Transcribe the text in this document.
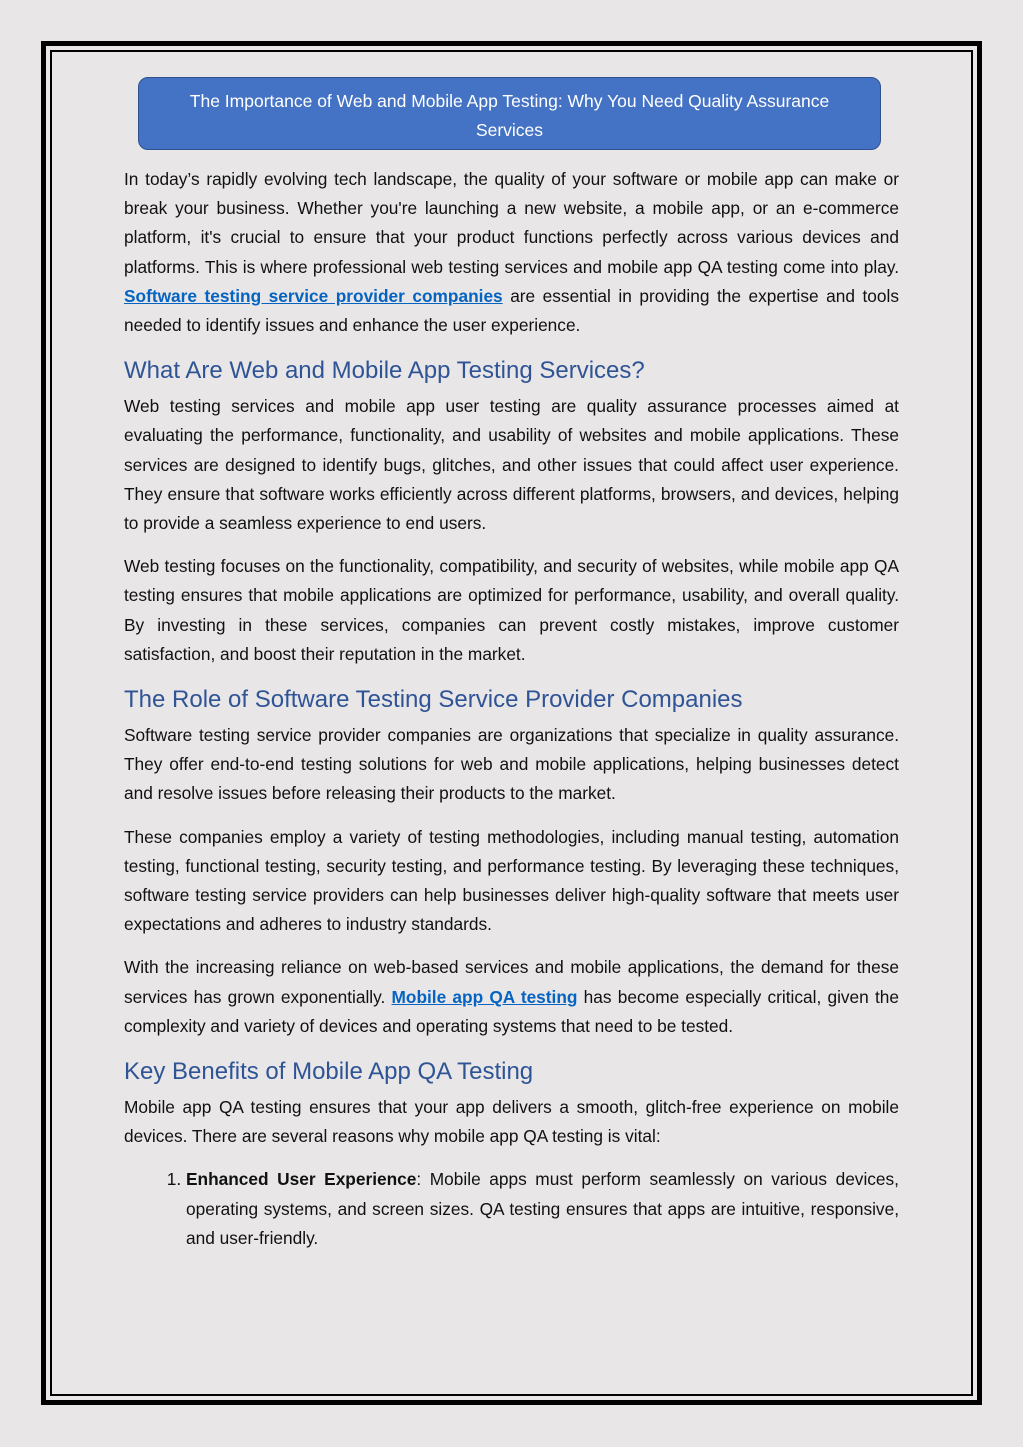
The Importance of Web and Mobile App Testing: Why You Need Quality Assurance Services

In today’s rapidly evolving tech landscape, the quality of your software or mobile app can make or break your business. Whether you're launching a new website, a mobile app, or an e-commerce platform, it's crucial to ensure that your product functions perfectly across various devices and platforms. This is where professional web testing services and mobile app QA testing come into play. Software testing service provider companies are essential in providing the expertise and tools needed to identify issues and enhance the user experience.

What Are Web and Mobile App Testing Services?

Web testing services and mobile app user testing are quality assurance processes aimed at evaluating the performance, functionality, and usability of websites and mobile applications. These services are designed to identify bugs, glitches, and other issues that could affect user experience. They ensure that software works efficiently across different platforms, browsers, and devices, helping to provide a seamless experience to end users.

Web testing focuses on the functionality, compatibility, and security of websites, while mobile app QA testing ensures that mobile applications are optimized for performance, usability, and overall quality. By investing in these services, companies can prevent costly mistakes, improve customer satisfaction, and boost their reputation in the market.

The Role of Software Testing Service Provider Companies

Software testing service provider companies are organizations that specialize in quality assurance. They offer end-to-end testing solutions for web and mobile applications, helping businesses detect and resolve issues before releasing their products to the market.

These companies employ a variety of testing methodologies, including manual testing, automation testing, functional testing, security testing, and performance testing. By leveraging these techniques, software testing service providers can help businesses deliver high-quality software that meets user expectations and adheres to industry standards.

With the increasing reliance on web-based services and mobile applications, the demand for these services has grown exponentially. Mobile app QA testing has become especially critical, given the complexity and variety of devices and operating systems that need to be tested.

Key Benefits of Mobile App QA Testing

Mobile app QA testing ensures that your app delivers a smooth, glitch-free experience on mobile devices. There are several reasons why mobile app QA testing is vital:

1. Enhanced User Experience: Mobile apps must perform seamlessly on various devices, operating systems, and screen sizes. QA testing ensures that apps are intuitive, responsive, and user-friendly.
